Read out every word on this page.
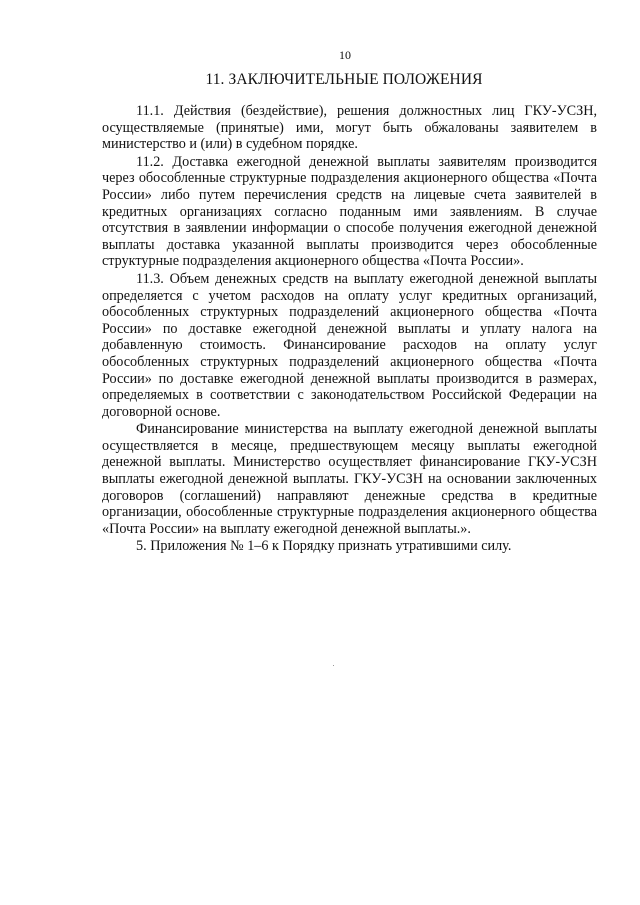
10
11. ЗАКЛЮЧИТЕЛЬНЫЕ ПОЛОЖЕНИЯ

11.1. Действия (бездействие), решения должностных лиц ГКУ-УСЗН, осуществляемые (принятые) ими, могут быть обжалованы заявителем в министерство и (или) в судебном порядке.

11.2. Доставка ежегодной денежной выплаты заявителям производится через обособленные структурные подразделения акционерного общества «Почта России» либо путем перечисления средств на лицевые счета заявителей в кредитных организациях согласно поданным ими заявлениям. В случае отсутствия в заявлении информации о способе получения ежегодной денежной выплаты доставка указанной выплаты производится через обособленные структурные подразделения акционерного общества «Почта России».

11.3. Объем денежных средств на выплату ежегодной денежной выплаты определяется с учетом расходов на оплату услуг кредитных организаций, обособленных структурных подразделений акционерного общества «Почта России» по доставке ежегодной денежной выплаты и уплату налога на добавленную стоимость. Финансирование расходов на оплату услуг обособленных структурных подразделений акционерного общества «Почта России» по доставке ежегодной денежной выплаты производится в размерах, определяемых в соответствии с законодательством Российской Федерации на договорной основе.

Финансирование министерства на выплату ежегодной денежной выплаты осуществляется в месяце, предшествующем месяцу выплаты ежегодной денежной выплаты. Министерство осуществляет финансирование ГКУ-УСЗН выплаты ежегодной денежной выплаты. ГКУ-УСЗН на основании заключенных договоров (соглашений) направляют денежные средства в кредитные организации, обособленные структурные подразделения акционерного общества «Почта России» на выплату ежегодной денежной выплаты.».

5. Приложения № 1–6 к Порядку признать утратившими силу.
